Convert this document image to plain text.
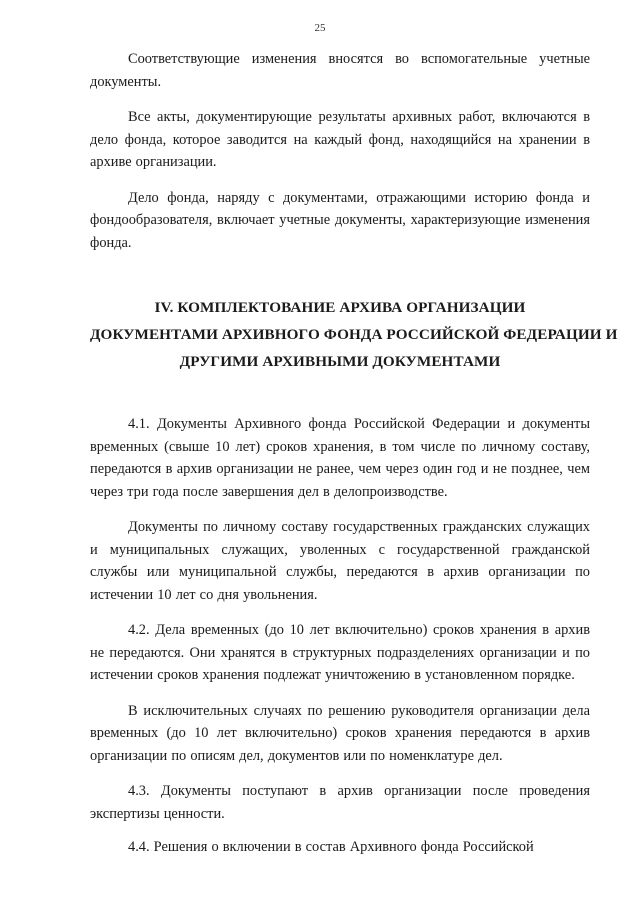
25

Соответствующие изменения вносятся во вспомогательные учетные документы.

Все акты, документирующие результаты архивных работ, включаются в дело фонда, которое заводится на каждый фонд, находящийся на хранении в архиве организации.

Дело фонда, наряду с документами, отражающими историю фонда и фондообразователя, включает учетные документы, характеризующие изменения фонда.

IV. КОМПЛЕКТОВАНИЕ АРХИВА ОРГАНИЗАЦИИ
ДОКУМЕНТАМИ АРХИВНОГО ФОНДА РОССИЙСКОЙ ФЕДЕРАЦИИ И
ДРУГИМИ АРХИВНЫМИ ДОКУМЕНТАМИ

4.1. Документы Архивного фонда Российской Федерации и документы временных (свыше 10 лет) сроков хранения, в том числе по личному составу, передаются в архив организации не ранее, чем через один год и не позднее, чем через три года после завершения дел в делопроизводстве.

Документы по личному составу государственных гражданских служащих и муниципальных служащих, уволенных с государственной гражданской службы или муниципальной службы, передаются в архив организации по истечении 10 лет со дня увольнения.

4.2. Дела временных (до 10 лет включительно) сроков хранения в архив не передаются. Они хранятся в структурных подразделениях организации и по истечении сроков хранения подлежат уничтожению в установленном порядке.

В исключительных случаях по решению руководителя организации дела временных (до 10 лет включительно) сроков хранения передаются в архив организации по описям дел, документов или по номенклатуре дел.

4.3. Документы поступают в архив организации после проведения экспертизы ценности.

4.4. Решения о включении в состав Архивного фонда Российской
